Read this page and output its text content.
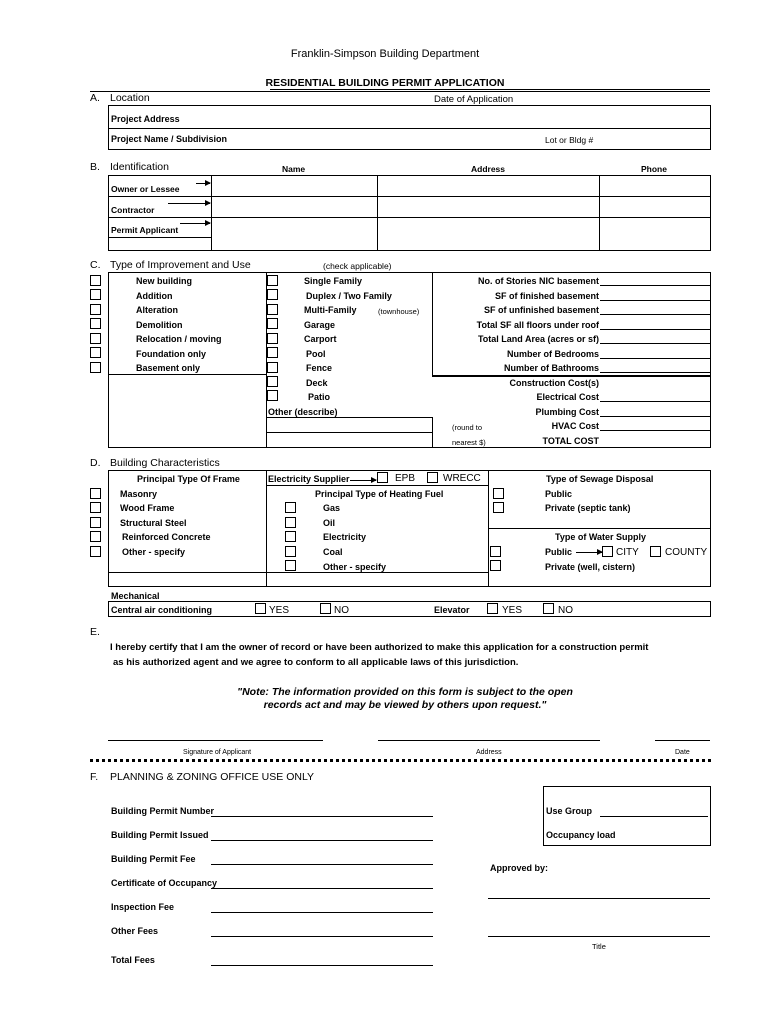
Franklin-Simpson Building Department
RESIDENTIAL BUILDING PERMIT APPLICATION
A. Location	Date of Application
Project Address
Project Name / Subdivision	Lot or Bldg #
B. Identification	Name	Address	Phone
Owner or Lessee
Contractor
Permit Applicant
C. Type of Improvement and Use	(check applicable)
New building
Addition
Alteration
Demolition
Relocation / moving
Foundation only
Basement only
Single Family
Duplex / Two Family
Multi-Family	(townhouse)
Garage
Carport
Pool
Fence
Deck
Patio
Other (describe)
No. of Stories NIC basement
SF of finished basement
SF of unfinished basement
Total SF all floors under roof
Total Land Area (acres or sf)
Number of Bedrooms
Number of Bathrooms
Construction Cost(s)
Electrical Cost
Plumbing Cost
HVAC Cost
TOTAL COST
(round to
nearest $)
D. Building Characteristics
Principal Type Of Frame
Masonry
Wood Frame
Structural Steel
Reinforced Concrete
Other - specify
Electricity Supplier	EPB	WRECC
Principal Type of Heating Fuel
Gas
Oil
Electricity
Coal
Other - specify
Type of Sewage Disposal
Public
Private (septic tank)
Type of Water Supply
Public	CITY	COUNTY
Private (well, cistern)
Mechanical
Central air conditioning	YES	NO	Elevator	YES	NO
E.
I hereby certify that I am the owner of record or have been authorized to make this application for a construction permit
as his authorized agent and we agree to conform to all applicable laws of this jurisdiction.
"Note: The information provided on this form is subject to the open
records act and may be viewed by others upon request."
Signature of Applicant	Address	Date
F. PLANNING & ZONING OFFICE USE ONLY
Building Permit Number
Building Permit Issued
Building Permit Fee
Certificate of Occupancy
Inspection Fee
Other Fees
Total Fees
Use Group
Occupancy load
Approved by:
Title
